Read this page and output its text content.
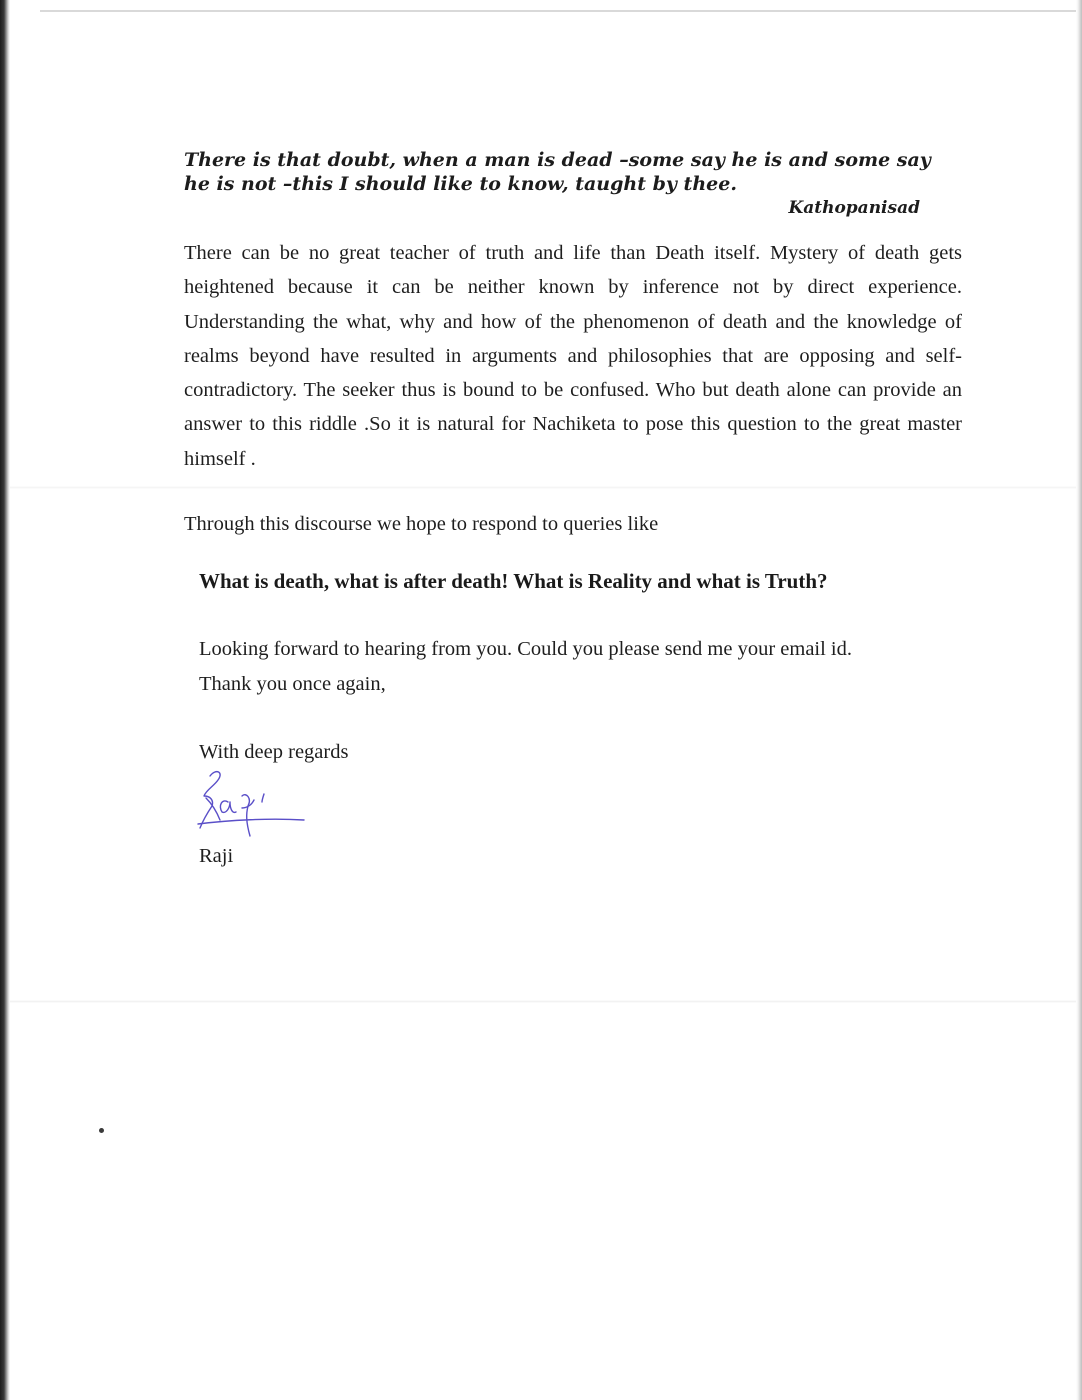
There is that doubt, when a man is dead –some say he is and some say he is not –this I should like to know, taught by thee.
Kathopanisad
There can be no great teacher of truth and life than Death itself. Mystery of death gets heightened because it can be neither known by inference not by direct experience. Understanding the what, why and how of the phenomenon of death and the knowledge of realms beyond have resulted in arguments and philosophies that are opposing and self-contradictory. The seeker thus is bound to be confused. Who but death alone can provide an answer to this riddle .So it is natural for Nachiketa to pose this question to the great master himself .
Through this discourse we hope to respond to queries like
What is death, what is after death! What is Reality and what is Truth?
Looking forward to hearing from you. Could you please send me your email id.
Thank you once again,
With deep regards
Raji
